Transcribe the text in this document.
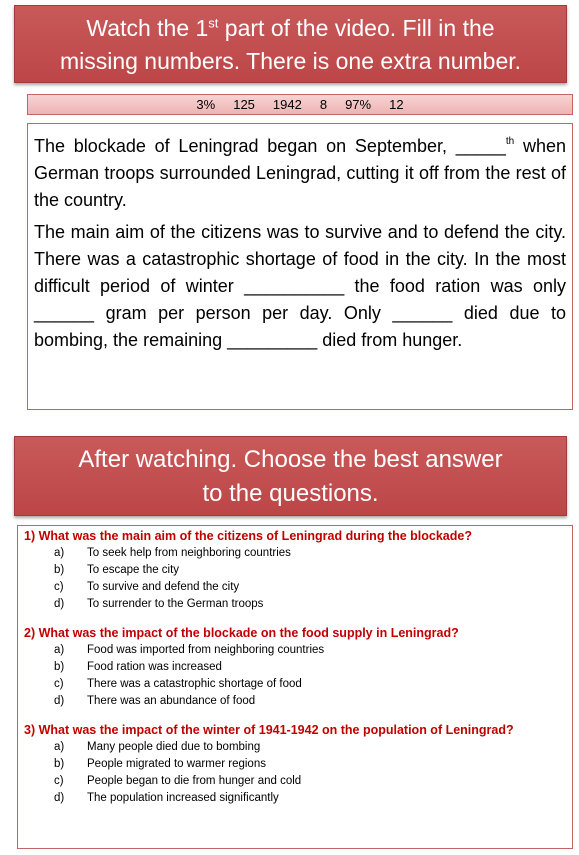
Watch the 1st part of the video. Fill in the
missing numbers. There is one extra number.
3% 125 1942 8 97% 12

The blockade of Leningrad began on September, _____$^{th}$ when German troops surrounded Leningrad, cutting it off from the rest of the country.

The main aim of the citizens was to survive and to defend the city. There was a catastrophic shortage of food in the city. In the most difficult period of winter __________ the food ration was only ______ gram per person per day. Only ______ died due to bombing, the remaining _________ died from hunger.

After watching. Choose the best answer
to the questions.
1) What was the main aim of the citizens of Leningrad during the blockade?
a)	To seek help from neighboring countries
b)	To escape the city
c)	To survive and defend the city
d)	To surrender to the German troops
2) What was the impact of the blockade on the food supply in Leningrad?
a)	Food was imported from neighboring countries
b)	Food ration was increased
c)	There was a catastrophic shortage of food
d)	There was an abundance of food
3) What was the impact of the winter of 1941-1942 on the population of Leningrad?
a)	Many people died due to bombing
b)	People migrated to warmer regions
c)	People began to die from hunger and cold
d)	The population increased significantly
